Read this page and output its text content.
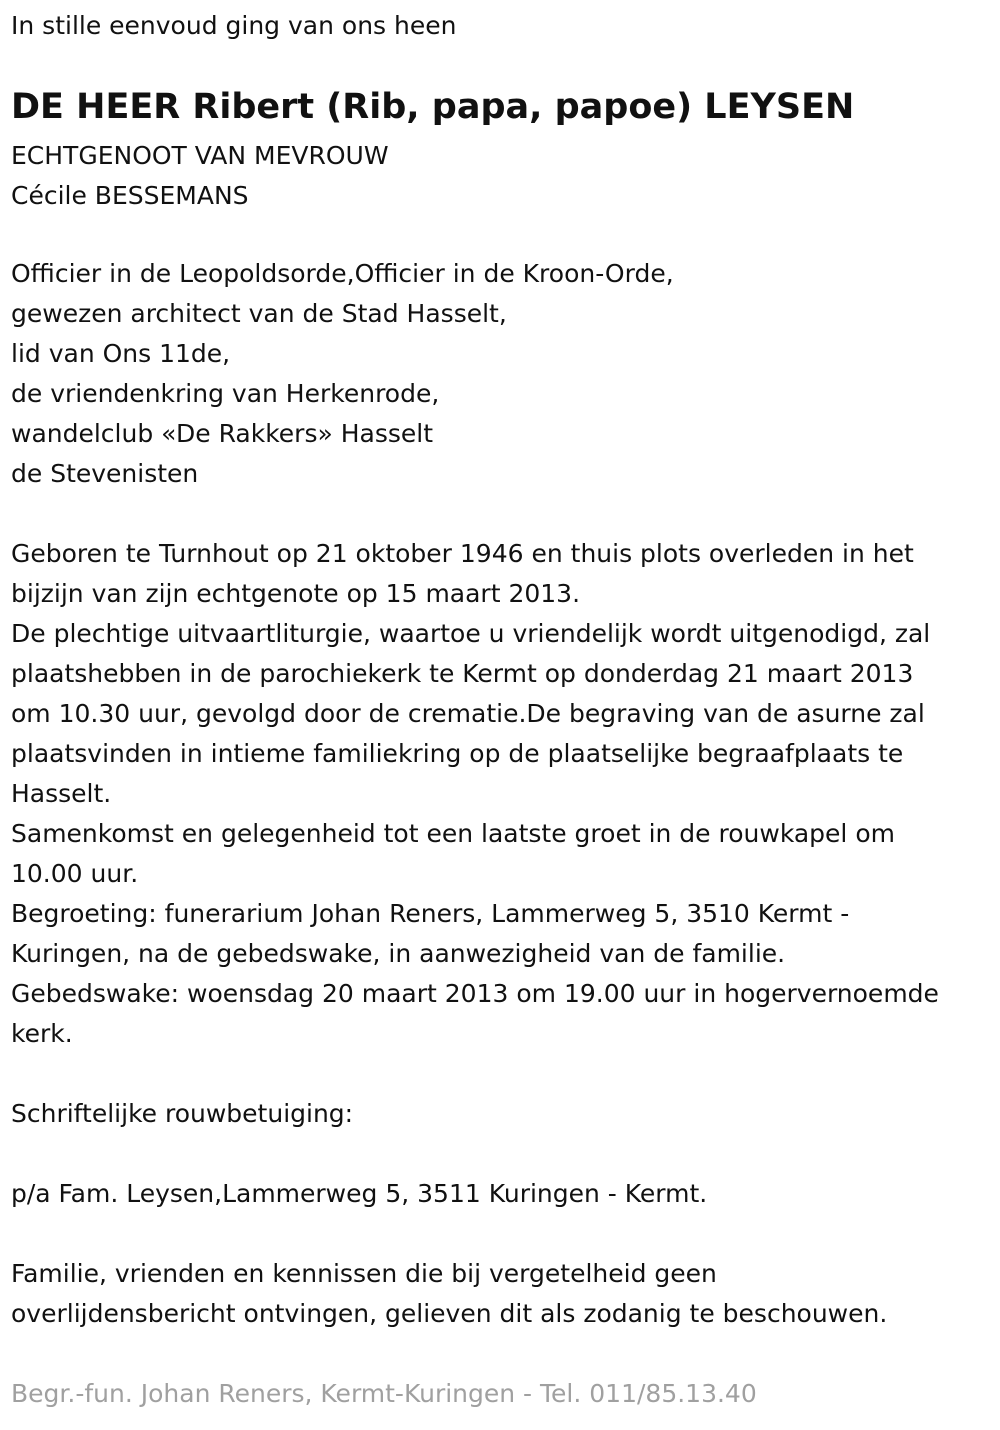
In stille eenvoud ging van ons heen
DE HEER Ribert (Rib, papa, papoe) LEYSEN
ECHTGENOOT VAN MEVROUW
Cécile BESSEMANS
Officier in de Leopoldsorde,Officier in de Kroon-Orde,
gewezen architect van de Stad Hasselt,
lid van Ons 11de,
de vriendenkring van Herkenrode,
wandelclub «De Rakkers» Hasselt
de Stevenisten
Geboren te Turnhout op 21 oktober 1946 en thuis plots overleden in het
bijzijn van zijn echtgenote op 15 maart 2013.
De plechtige uitvaartliturgie, waartoe u vriendelijk wordt uitgenodigd, zal
plaatshebben in de parochiekerk te Kermt op donderdag 21 maart 2013
om 10.30 uur, gevolgd door de crematie.De begraving van de asurne zal
plaatsvinden in intieme familiekring op de plaatselijke begraafplaats te
Hasselt.
Samenkomst en gelegenheid tot een laatste groet in de rouwkapel om
10.00 uur.
Begroeting: funerarium Johan Reners, Lammerweg 5, 3510 Kermt -
Kuringen, na de gebedswake, in aanwezigheid van de familie.
Gebedswake: woensdag 20 maart 2013 om 19.00 uur in hogervernoemde
kerk.
Schriftelijke rouwbetuiging:
p/a Fam. Leysen,Lammerweg 5, 3511 Kuringen - Kermt.
Familie, vrienden en kennissen die bij vergetelheid geen
overlijdensbericht ontvingen, gelieven dit als zodanig te beschouwen.
Begr.-fun. Johan Reners, Kermt-Kuringen - Tel. 011/85.13.40
